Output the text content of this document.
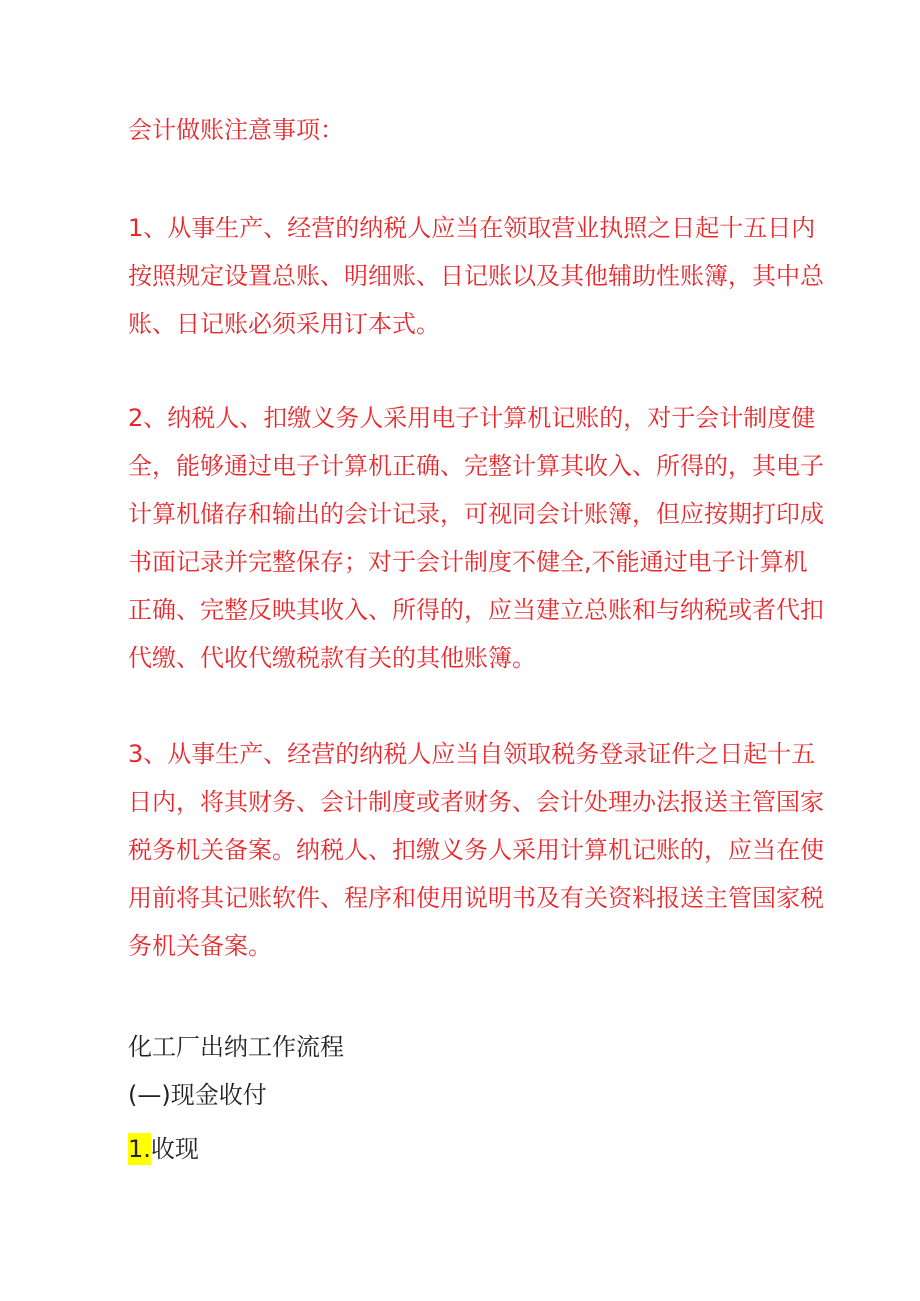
会计做账注意事项：

1、从事生产、经营的纳税人应当在领取营业执照之日起十五日内
按照规定设置总账、明细账、日记账以及其他辅助性账簿，其中总
账、日记账必须采用订本式。

2、纳税人、扣缴义务人采用电子计算机记账的，对于会计制度健
全，能够通过电子计算机正确、完整计算其收入、所得的，其电子
计算机储存和输出的会计记录，可视同会计账簿，但应按期打印成
书面记录并完整保存；对于会计制度不健全,不能通过电子计算机
正确、完整反映其收入、所得的，应当建立总账和与纳税或者代扣
代缴、代收代缴税款有关的其他账簿。

3、从事生产、经营的纳税人应当自领取税务登录证件之日起十五
日内，将其财务、会计制度或者财务、会计处理办法报送主管国家
税务机关备案。纳税人、扣缴义务人采用计算机记账的，应当在使
用前将其记账软件、程序和使用说明书及有关资料报送主管国家税
务机关备案。

化工厂出纳工作流程
(—)现金收付
1.收现
